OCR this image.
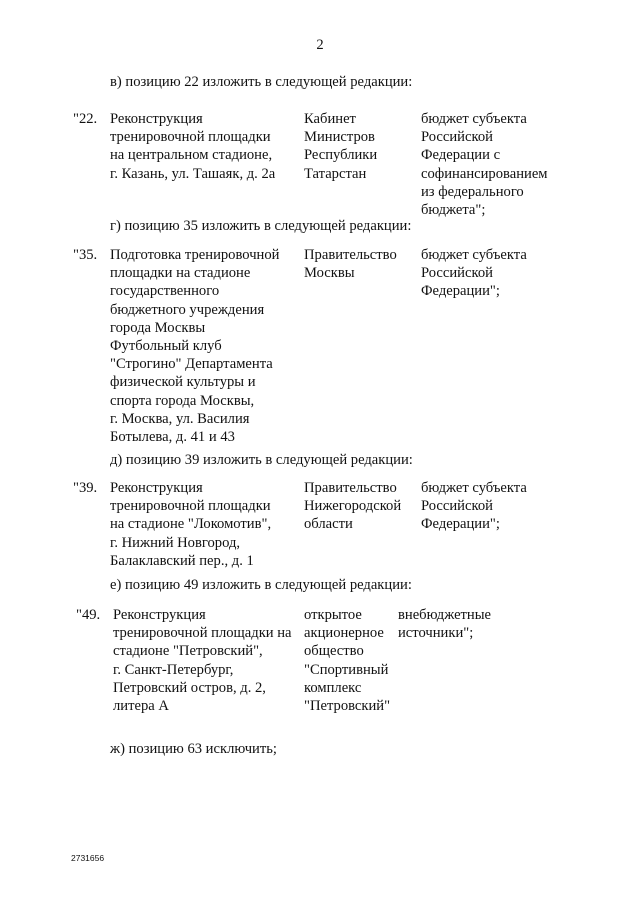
2
в) позицию 22 изложить в следующей редакции:
"22. Реконструкция
тренировочной площадки
на центральном стадионе,
г. Казань, ул. Ташаяк, д. 2а
Кабинет
Министров
Республики
Татарстан
бюджет субъекта
Российской
Федерации с
софинансированием
из федерального
бюджета";
г) позицию 35 изложить в следующей редакции:
"35. Подготовка тренировочной
площадки на стадионе
государственного
бюджетного учреждения
города Москвы
Футбольный клуб
"Строгино" Департамента
физической культуры и
спорта города Москвы,
г. Москва, ул. Василия
Ботылева, д. 41 и 43
Правительство
Москвы
бюджет субъекта
Российской
Федерации";
д) позицию 39 изложить в следующей редакции:
"39. Реконструкция
тренировочной площадки
на стадионе "Локомотив",
г. Нижний Новгород,
Балаклавский пер., д. 1
Правительство
Нижегородской
области
бюджет субъекта
Российской
Федерации";
е) позицию 49 изложить в следующей редакции:
"49. Реконструкция
тренировочной площадки на
стадионе "Петровский",
г. Санкт-Петербург,
Петровский остров, д. 2,
литера А
открытое
акционерное
общество
"Спортивный
комплекс
"Петровский"
внебюджетные
источники";
ж) позицию 63 исключить;
2731656
